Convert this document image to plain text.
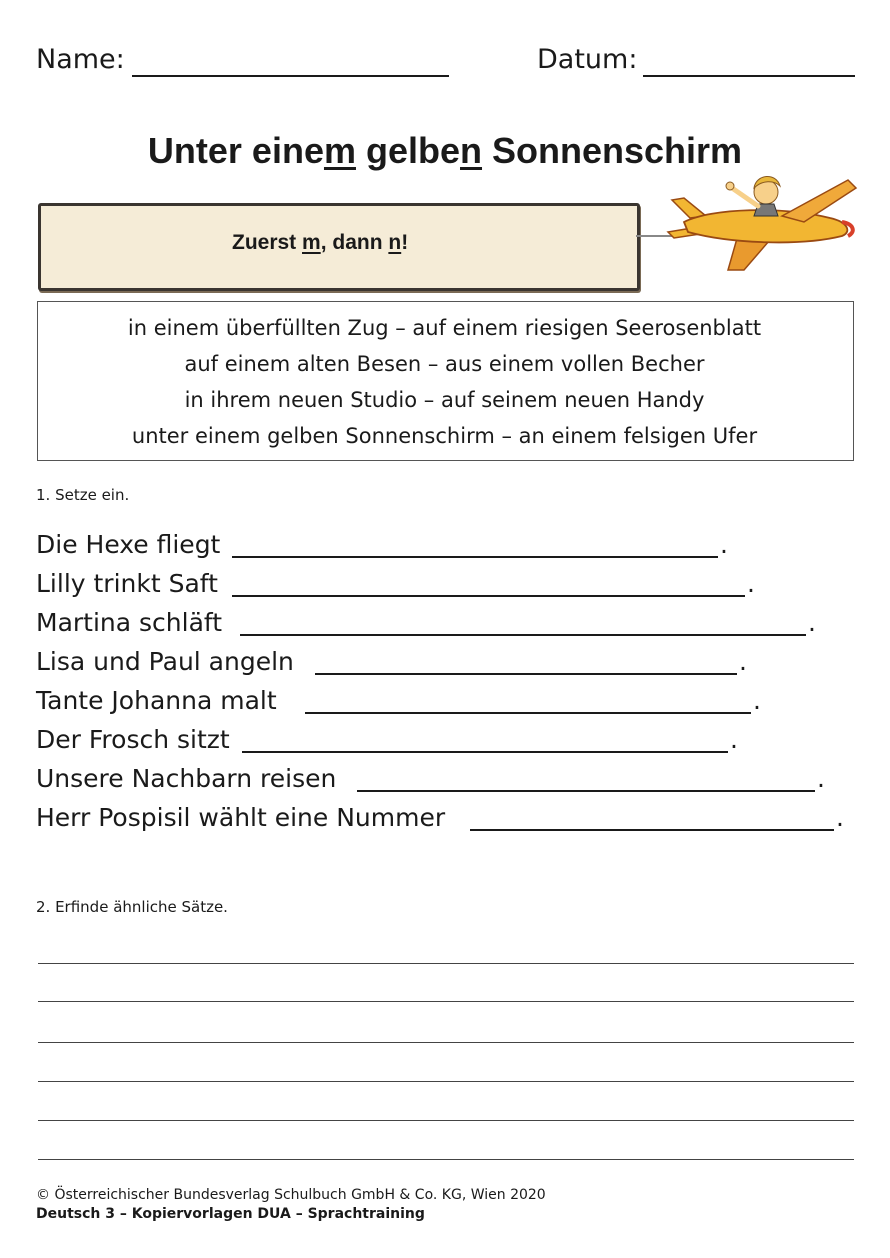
Name:	Datum:
Unter einem gelben Sonnenschirm
Zuerst m, dann n!
in einem überfüllten Zug – auf einem riesigen Seerosenblatt
auf einem alten Besen – aus einem vollen Becher
in ihrem neuen Studio – auf seinem neuen Handy
unter einem gelben Sonnenschirm – an einem felsigen Ufer
1. Setze ein.
Die Hexe fliegt	.
Lilly trinkt Saft	.
Martina schläft	.
Lisa und Paul angeln	.
Tante Johanna malt	.
Der Frosch sitzt	.
Unsere Nachbarn reisen	.
Herr Pospisil wählt eine Nummer	.
2. Erfinde ähnliche Sätze.
© Österreichischer Bundesverlag Schulbuch GmbH & Co. KG, Wien 2020
Deutsch 3 – Kopiervorlagen DUA – Sprachtraining
